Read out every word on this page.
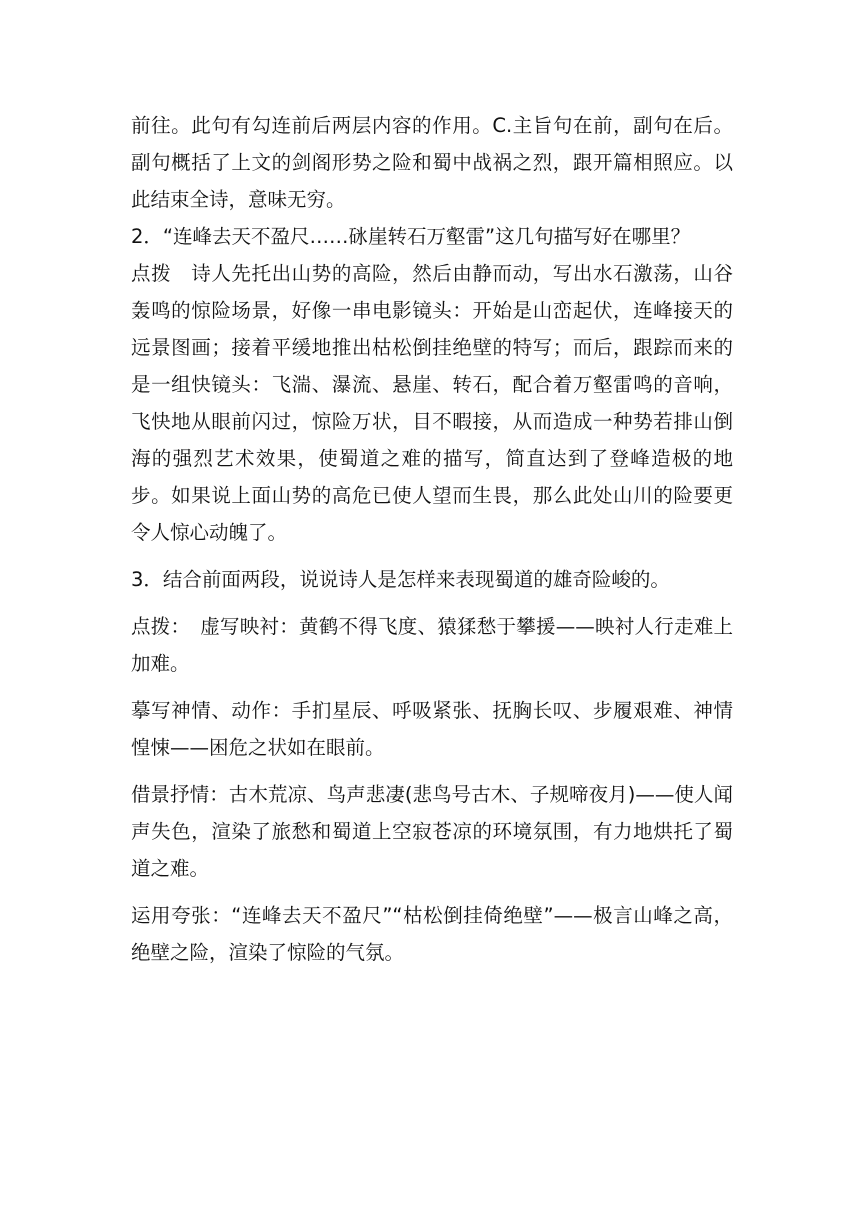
前往。此句有勾连前后两层内容的作用。C.主旨句在前，副句在后。副句概括了上文的剑阁形势之险和蜀中战祸之烈，跟开篇相照应。以此结束全诗，意味无穷。

2．“连峰去天不盈尺……砯崖转石万壑雷”这几句描写好在哪里？

点拨　诗人先托出山势的高险，然后由静而动，写出水石激荡，山谷轰鸣的惊险场景，好像一串电影镜头：开始是山峦起伏，连峰接天的远景图画；接着平缓地推出枯松倒挂绝壁的特写；而后，跟踪而来的是一组快镜头：飞湍、瀑流、悬崖、转石，配合着万壑雷鸣的音响，飞快地从眼前闪过，惊险万状，目不暇接，从而造成一种势若排山倒海的强烈艺术效果，使蜀道之难的描写，简直达到了登峰造极的地步。如果说上面山势的高危已使人望而生畏，那么此处山川的险要更令人惊心动魄了。

3．结合前面两段，说说诗人是怎样来表现蜀道的雄奇险峻的。

点拨：　虚写映衬：黄鹤不得飞度、猿猱愁于攀援——映衬人行走难上加难。

摹写神情、动作：手扪星辰、呼吸紧张、抚胸长叹、步履艰难、神情惶悚——困危之状如在眼前。

借景抒情：古木荒凉、鸟声悲凄(悲鸟号古木、子规啼夜月)——使人闻声失色，渲染了旅愁和蜀道上空寂苍凉的环境氛围，有力地烘托了蜀道之难。

运用夸张：“连峰去天不盈尺”“枯松倒挂倚绝壁”——极言山峰之高，绝壁之险，渲染了惊险的气氛。
